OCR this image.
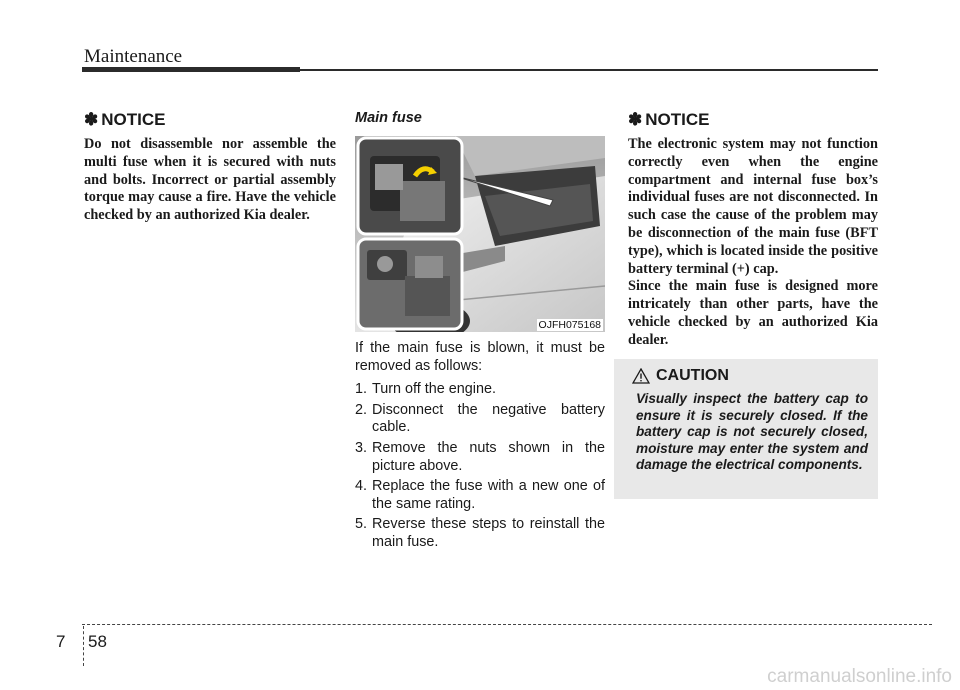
Maintenance
✽ NOTICE

Do not disassemble nor assemble the multi fuse when it is secured with nuts and bolts. Incorrect or partial assembly torque may cause a fire. Have the vehicle checked by an authorized Kia dealer.

Main fuse
OJFH075168

If the main fuse is blown, it must be removed as follows:

1. Turn off the engine.
2. Disconnect the negative battery cable.
3. Remove the nuts shown in the picture above.
4. Replace the fuse with a new one of the same rating.
5. Reverse these steps to reinstall the main fuse.
✽ NOTICE

The electronic system may not function correctly even when the engine compartment and internal fuse box’s individual fuses are not disconnected. In such case the cause of the problem may be disconnection of the main fuse (BFT type), which is located inside the positive battery terminal (+) cap.

Since the main fuse is designed more intricately than other parts, have the vehicle checked by an authorized Kia dealer.

CAUTION

Visually inspect the battery cap to ensure it is securely closed. If the battery cap is not securely closed, moisture may enter the system and damage the electrical components.

7 58
carmanualsonline.info
